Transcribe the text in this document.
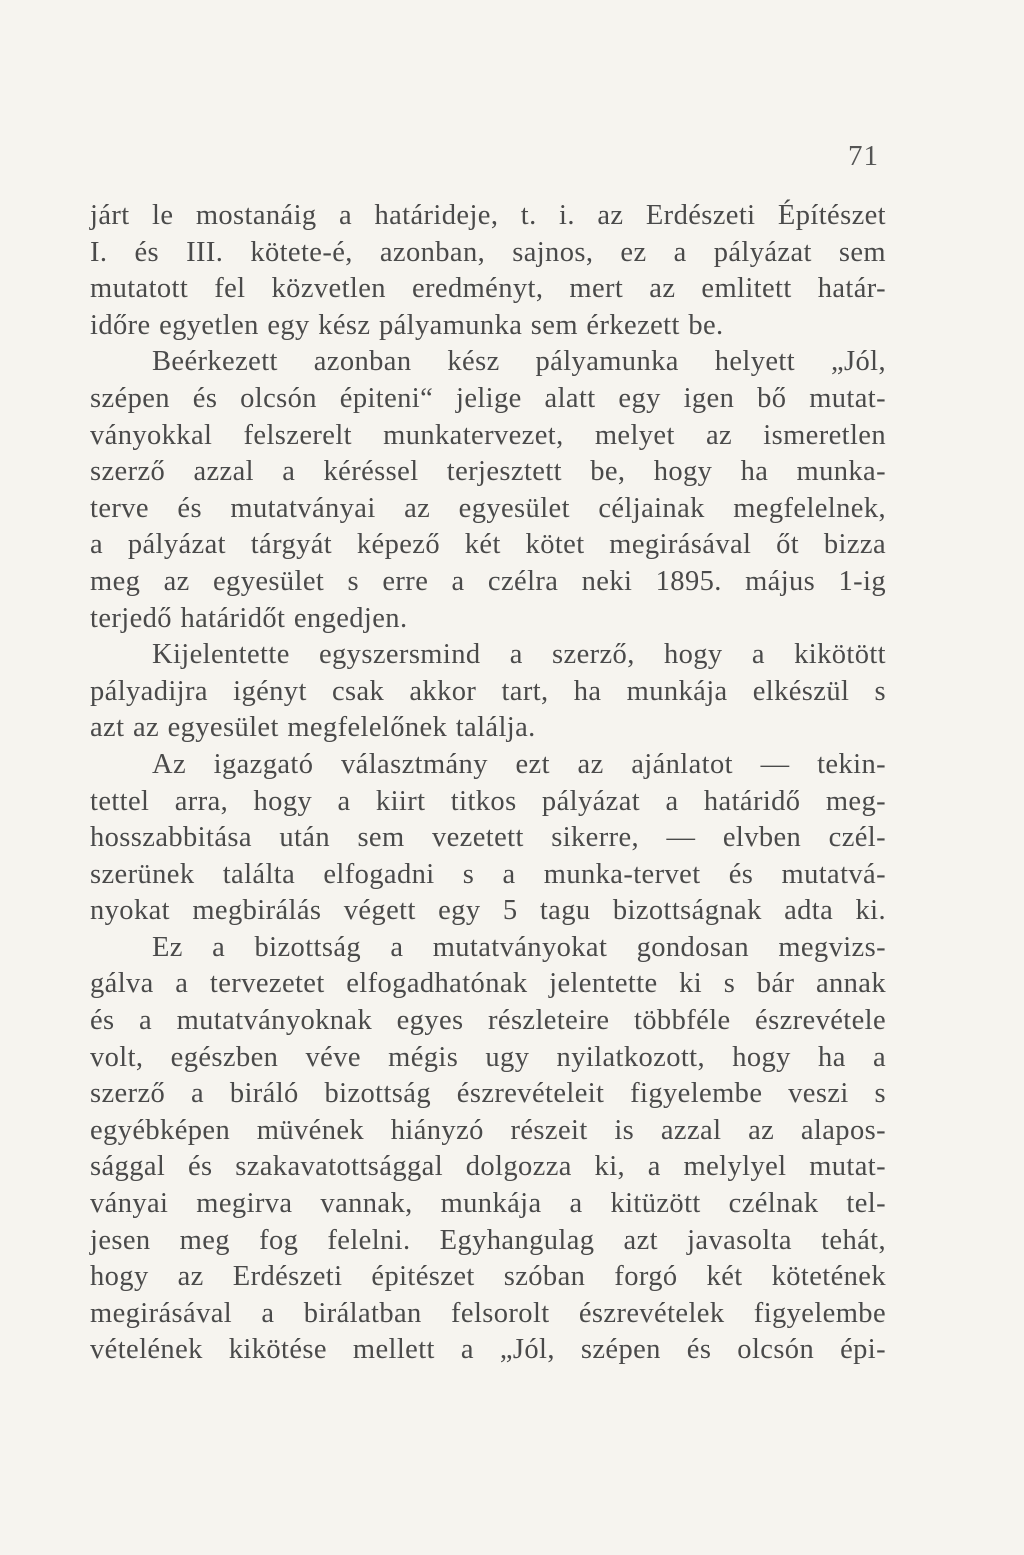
71
járt le mostanáig a határideje, t. i. az Erdészeti Építészet
I. és III. kötete-é, azonban, sajnos, ez a pályázat sem
mutatott fel közvetlen eredményt, mert az emlitett határ-
időre egyetlen egy kész pályamunka sem érkezett be.
Beérkezett azonban kész pályamunka helyett „Jól,
szépen és olcsón épiteni“ jelige alatt egy igen bő mutat-
ványokkal felszerelt munkatervezet, melyet az ismeretlen
szerző azzal a kéréssel terjesztett be, hogy ha munka-
terve és mutatványai az egyesület céljainak megfelelnek,
a pályázat tárgyát képező két kötet megirásával őt bizza
meg az egyesület s erre a czélra neki 1895. május 1-ig
terjedő határidőt engedjen.
Kijelentette egyszersmind a szerző, hogy a kikötött
pályadijra igényt csak akkor tart, ha munkája elkészül s
azt az egyesület megfelelőnek találja.
Az igazgató választmány ezt az ajánlatot — tekin-
tettel arra, hogy a kiirt titkos pályázat a határidő meg-
hosszabbitása után sem vezetett sikerre, — elvben czél-
szerünek találta elfogadni s a munka-tervet és mutatvá-
nyokat megbirálás végett egy 5 tagu bizottságnak adta ki.
Ez a bizottság a mutatványokat gondosan megvizs-
gálva a tervezetet elfogadhatónak jelentette ki s bár annak
és a mutatványoknak egyes részleteire többféle észrevétele
volt, egészben véve mégis ugy nyilatkozott, hogy ha a
szerző a biráló bizottság észrevételeit figyelembe veszi s
egyébképen müvének hiányzó részeit is azzal az alapos-
sággal és szakavatottsággal dolgozza ki, a melylyel mutat-
ványai megirva vannak, munkája a kitüzött czélnak tel-
jesen meg fog felelni. Egyhangulag azt javasolta tehát,
hogy az Erdészeti épitészet szóban forgó két kötetének
megirásával a birálatban felsorolt észrevételek figyelembe
vételének kikötése mellett a „Jól, szépen és olcsón épi-
